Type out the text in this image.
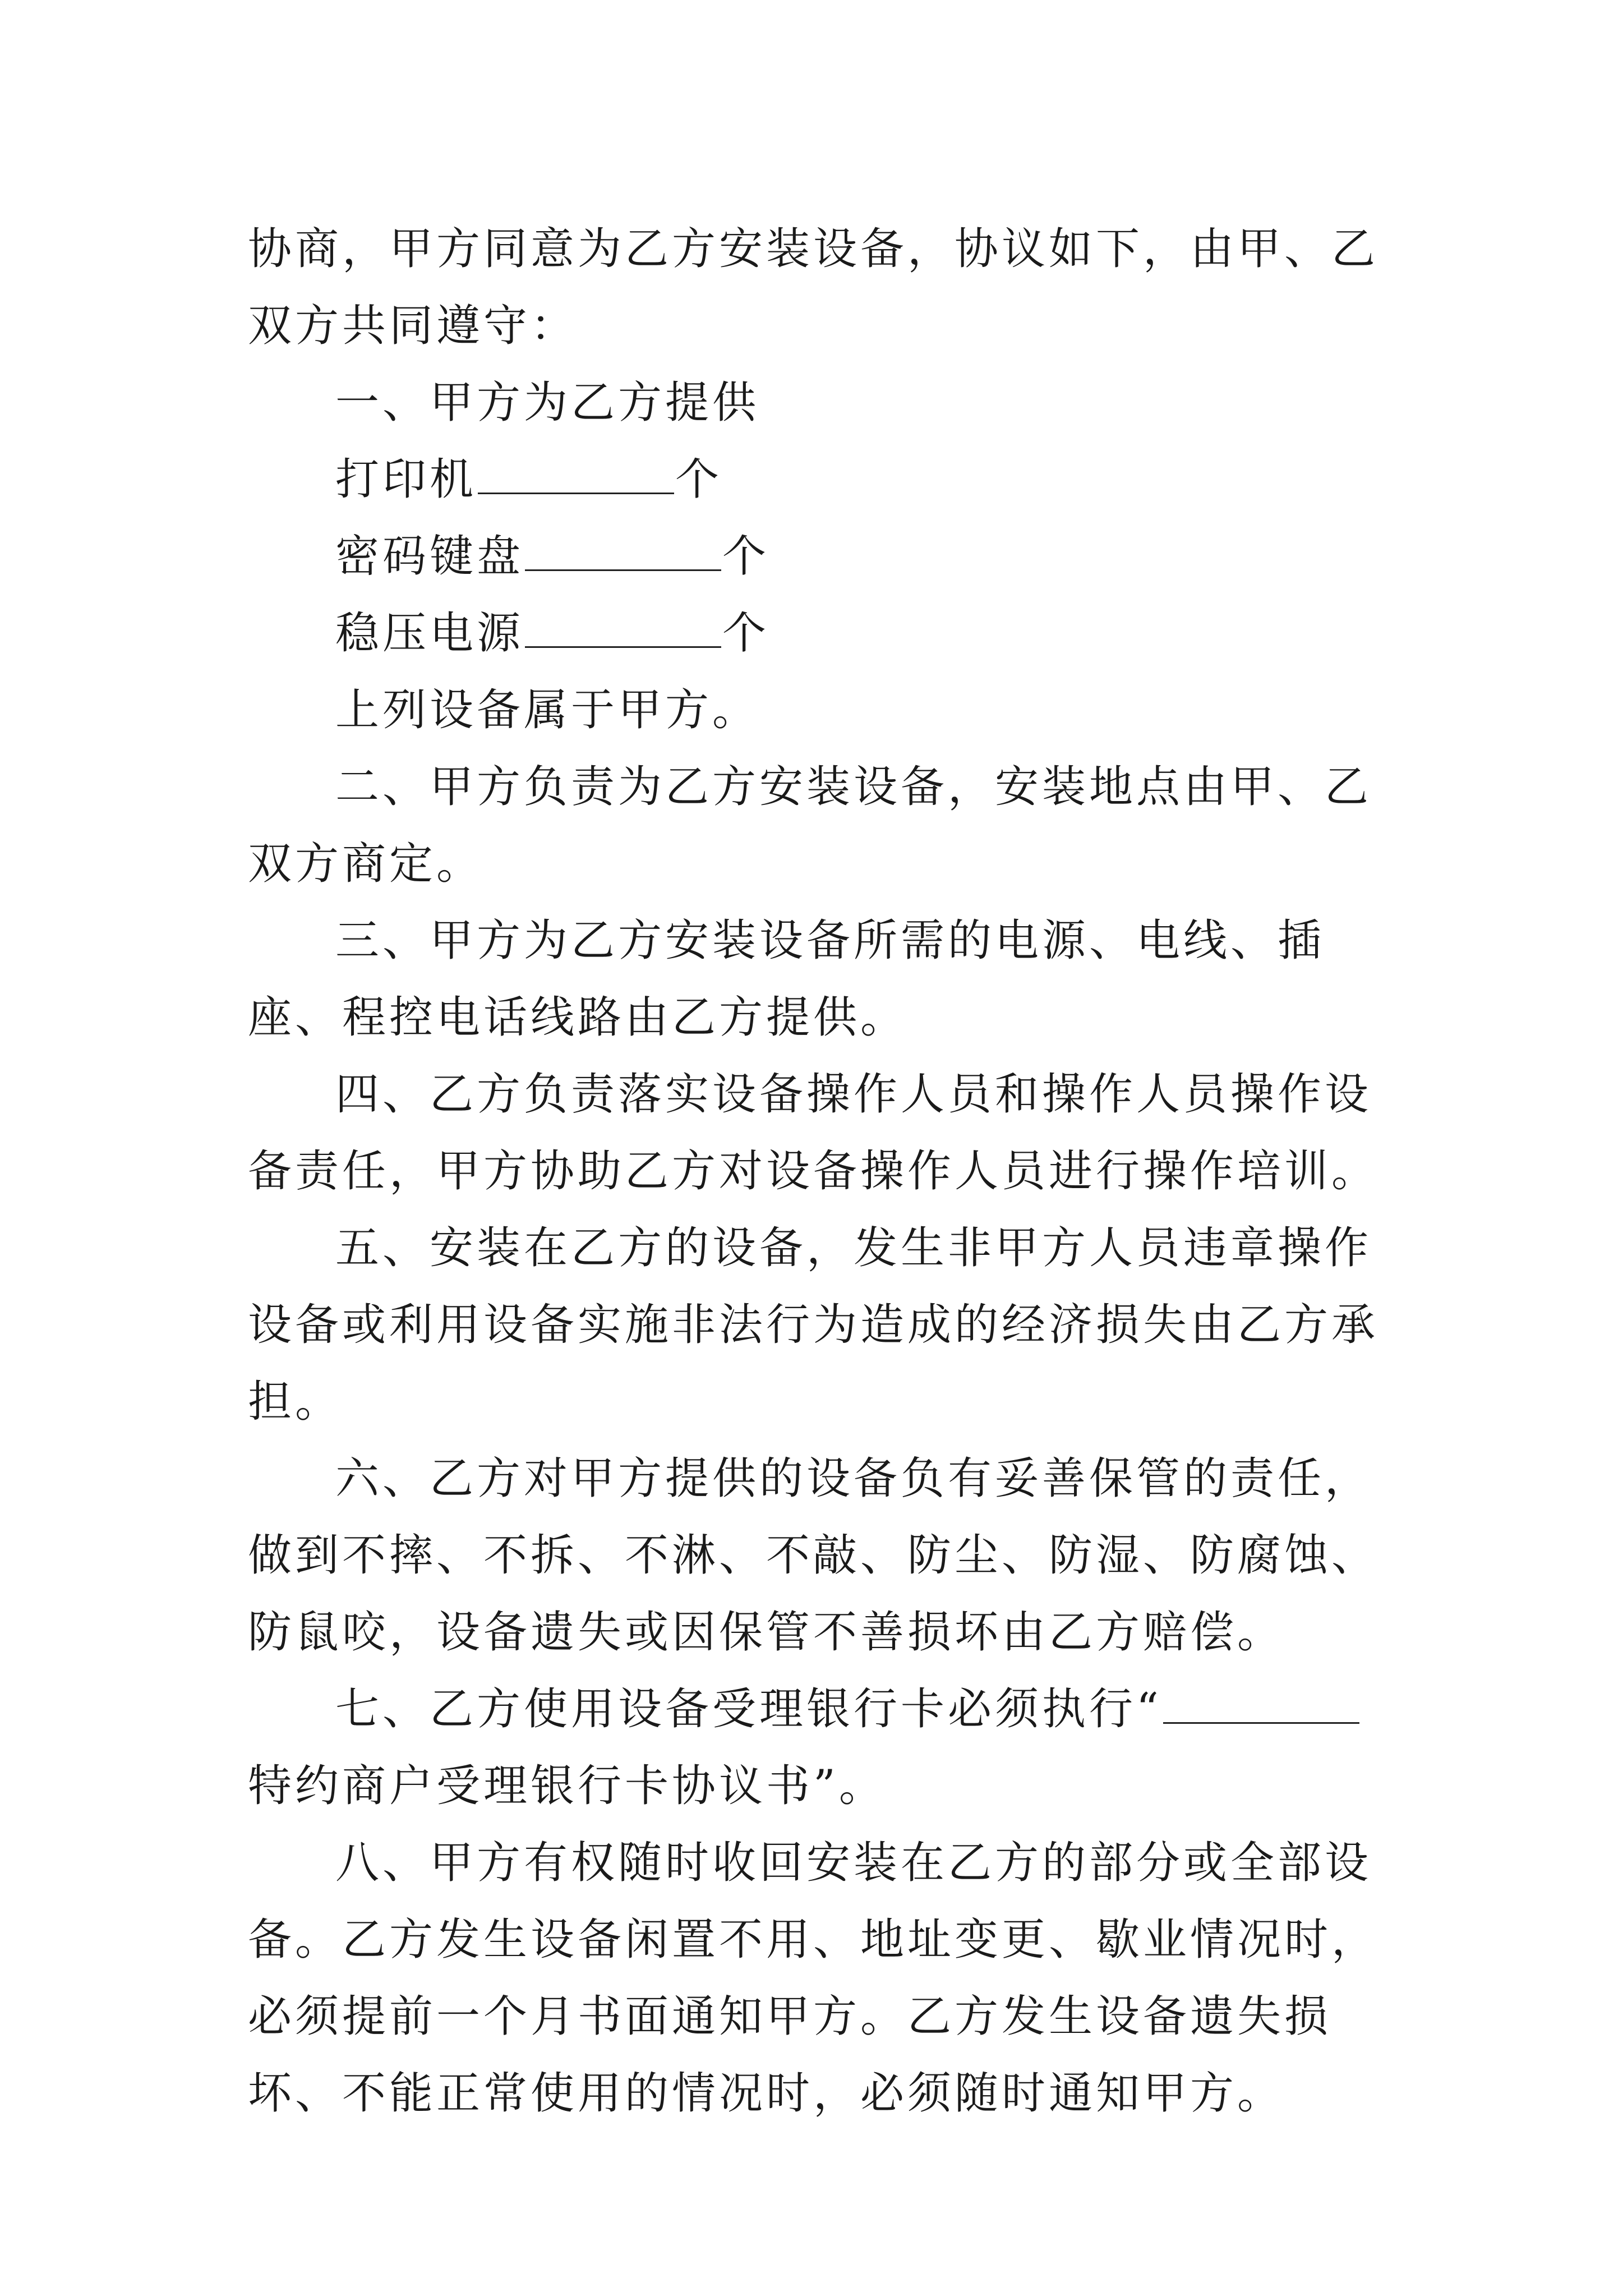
协商，甲方同意为乙方安装设备，协议如下，由甲、乙双方共同遵守：

一、甲方为乙方提供

打印机	个

密码键盘	个

稳压电源	个

上列设备属于甲方。

二、甲方负责为乙方安装设备，安装地点由甲、乙双方商定。

三、甲方为乙方安装设备所需的电源、电线、插座、程控电话线路由乙方提供。

四、乙方负责落实设备操作人员和操作人员操作设备责任，甲方协助乙方对设备操作人员进行操作培训。

五、安装在乙方的设备，发生非甲方人员违章操作设备或利用设备实施非法行为造成的经济损失由乙方承担。

六、乙方对甲方提供的设备负有妥善保管的责任，做到不摔、不拆、不淋、不敲、防尘、防湿、防腐蚀、防鼠咬，设备遗失或因保管不善损坏由乙方赔偿。

七、乙方使用设备受理银行卡必须执行“特约商户受理银行卡协议书”。

八、甲方有权随时收回安装在乙方的部分或全部设备。乙方发生设备闲置不用、地址变更、歇业情况时，必须提前一个月书面通知甲方。乙方发生设备遗失损坏、不能正常使用的情况时，必须随时通知甲方。
